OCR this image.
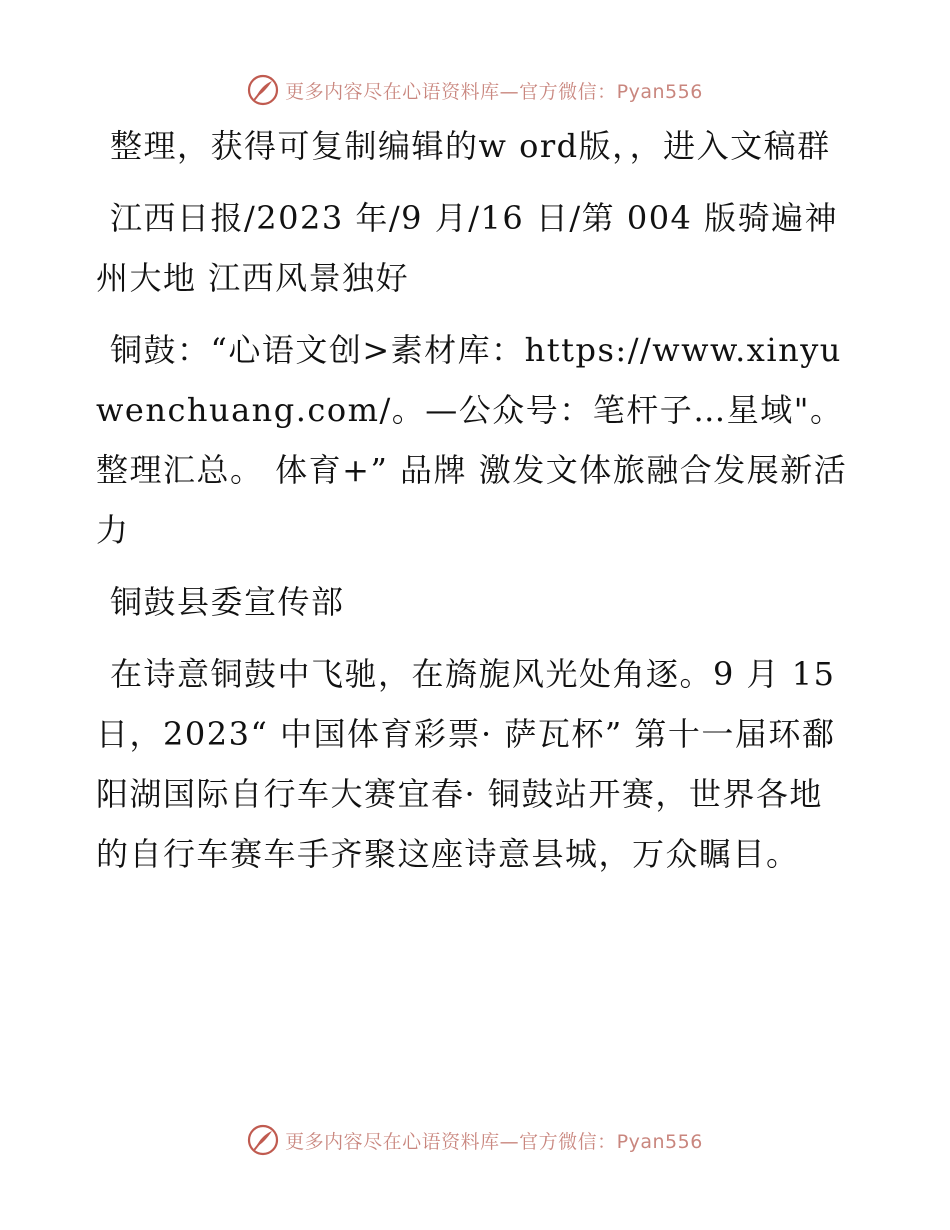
更多内容尽在心语资料库—官方微信：Pyan556

整理，获得可复制编辑的w ord版，，进入文稿群

江西日报/2023 年/9 月/16 日/第 004 版骑遍神州大地 江西风景独好

铜鼓：“心语文创>素材库：https://www.xinyuwenchuang.com/。—公众号：笔杆子…星域"。整理汇总。 体育+” 品牌 激发文体旅融合发展新活力

铜鼓县委宣传部

在诗意铜鼓中飞驰，在旖旎风光处角逐。9 月 15 日，2023“ 中国体育彩票· 萨瓦杯” 第十一届环鄱阳湖国际自行车大赛宜春· 铜鼓站开赛，世界各地的自行车赛车手齐聚这座诗意县城，万众瞩目。

更多内容尽在心语资料库—官方微信：Pyan556
